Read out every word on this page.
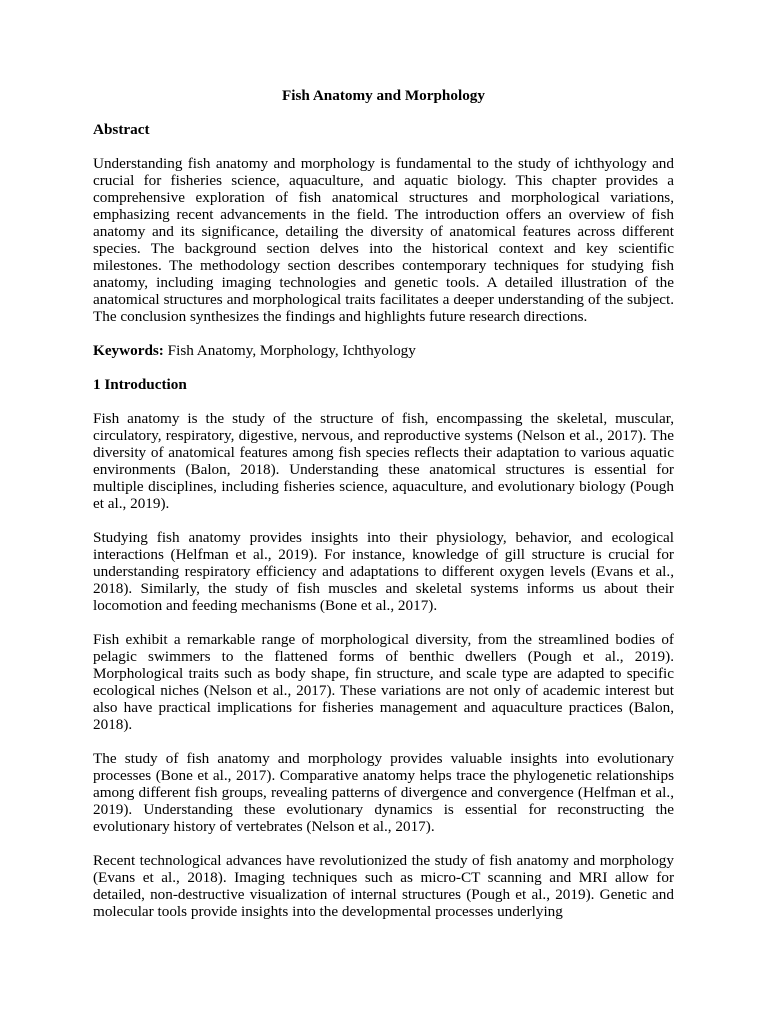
Fish Anatomy and Morphology
Abstract

Understanding fish anatomy and morphology is fundamental to the study of ichthyology and crucial for fisheries science, aquaculture, and aquatic biology. This chapter provides a comprehensive exploration of fish anatomical structures and morphological variations, emphasizing recent advancements in the field. The introduction offers an overview of fish anatomy and its significance, detailing the diversity of anatomical features across different species. The background section delves into the historical context and key scientific milestones. The methodology section describes contemporary techniques for studying fish anatomy, including imaging technologies and genetic tools. A detailed illustration of the anatomical structures and morphological traits facilitates a deeper understanding of the subject. The conclusion synthesizes the findings and highlights future research directions.

Keywords: Fish Anatomy, Morphology, Ichthyology

1 Introduction

Fish anatomy is the study of the structure of fish, encompassing the skeletal, muscular, circulatory, respiratory, digestive, nervous, and reproductive systems (Nelson et al., 2017). The diversity of anatomical features among fish species reflects their adaptation to various aquatic environments (Balon, 2018). Understanding these anatomical structures is essential for multiple disciplines, including fisheries science, aquaculture, and evolutionary biology (Pough et al., 2019).

Studying fish anatomy provides insights into their physiology, behavior, and ecological interactions (Helfman et al., 2019). For instance, knowledge of gill structure is crucial for understanding respiratory efficiency and adaptations to different oxygen levels (Evans et al., 2018). Similarly, the study of fish muscles and skeletal systems informs us about their locomotion and feeding mechanisms (Bone et al., 2017).

Fish exhibit a remarkable range of morphological diversity, from the streamlined bodies of pelagic swimmers to the flattened forms of benthic dwellers (Pough et al., 2019). Morphological traits such as body shape, fin structure, and scale type are adapted to specific ecological niches (Nelson et al., 2017). These variations are not only of academic interest but also have practical implications for fisheries management and aquaculture practices (Balon, 2018).

The study of fish anatomy and morphology provides valuable insights into evolutionary processes (Bone et al., 2017). Comparative anatomy helps trace the phylogenetic relationships among different fish groups, revealing patterns of divergence and convergence (Helfman et al., 2019). Understanding these evolutionary dynamics is essential for reconstructing the evolutionary history of vertebrates (Nelson et al., 2017).

Recent technological advances have revolutionized the study of fish anatomy and morphology (Evans et al., 2018). Imaging techniques such as micro-CT scanning and MRI allow for detailed, non-destructive visualization of internal structures (Pough et al., 2019). Genetic and molecular tools provide insights into the developmental processes underlying
